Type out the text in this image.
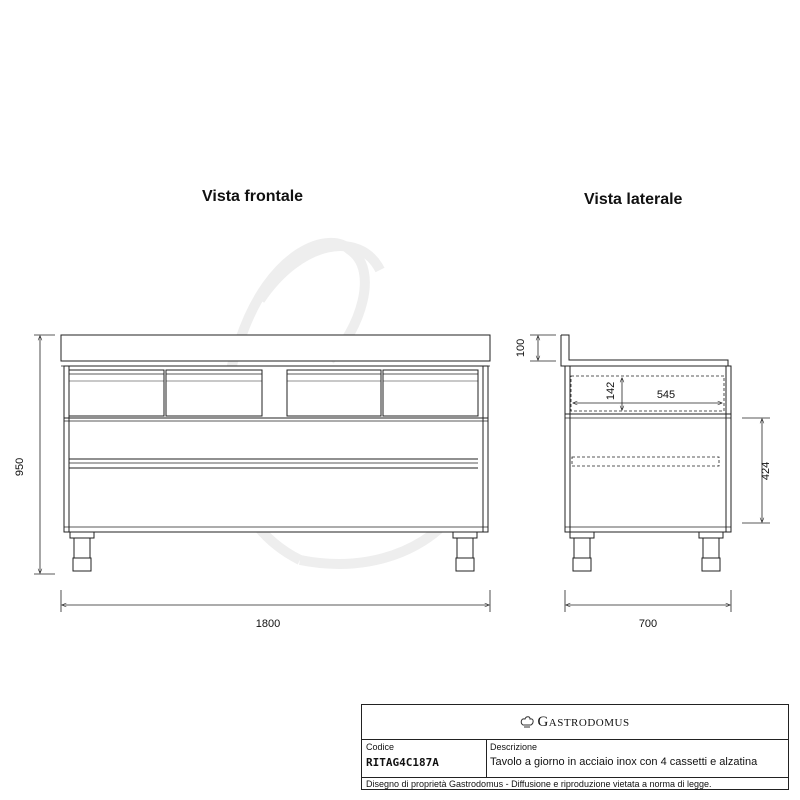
Vista frontale	Vista laterale
950
1800
100
142	545
424
700
Gastrodomus
Codice
RITAG4C187A
Descrizione
Tavolo a giorno in acciaio inox con 4 cassetti e alzatina
Disegno di proprietà Gastrodomus - Diffusione e riproduzione vietata a norma di legge.
